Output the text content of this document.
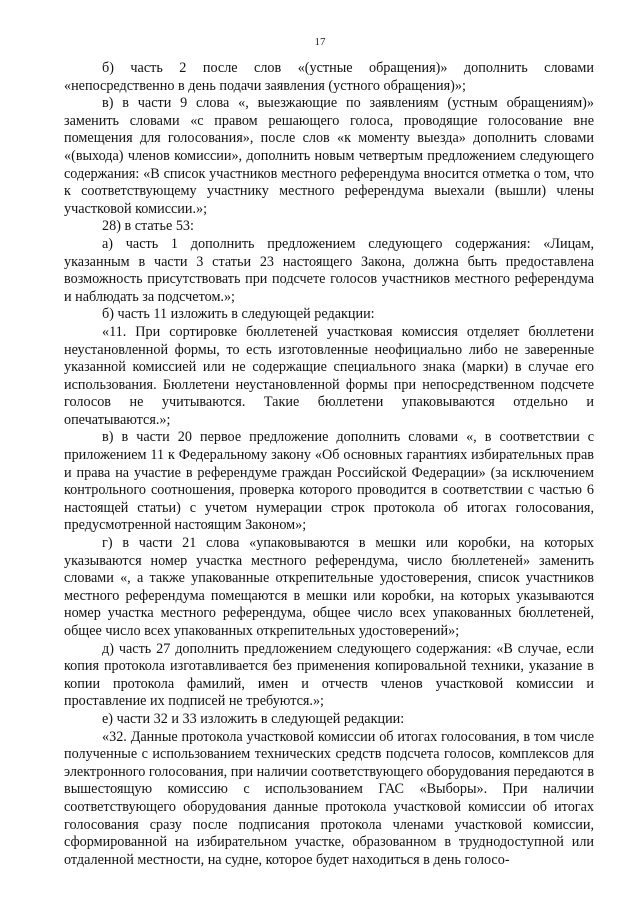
17

б) часть 2 после слов «(устные обращения)» дополнить словами «непосредственно в день подачи заявления (устного обращения)»;

в) в части 9 слова «, выезжающие по заявлениям (устным обращениям)» заменить словами «с правом решающего голоса, проводящие голосование вне помещения для голосования», после слов «к моменту выезда» дополнить словами «(выхода) членов комиссии», дополнить новым четвертым предложением следующего содержания: «В список участников местного референдума вносится отметка о том, что к соответствующему участнику местного референдума выехали (вышли) члены участковой комиссии.»;

28) в статье 53:

а) часть 1 дополнить предложением следующего содержания: «Лицам, указанным в части 3 статьи 23 настоящего Закона, должна быть предоставлена возможность присутствовать при подсчете голосов участников местного референдума и наблюдать за подсчетом.»;

б) часть 11 изложить в следующей редакции:

«11. При сортировке бюллетеней участковая комиссия отделяет бюллетени неустановленной формы, то есть изготовленные неофициально либо не заверенные указанной комиссией или не содержащие специального знака (марки) в случае его использования. Бюллетени неустановленной формы при непосредственном подсчете голосов не учитываются. Такие бюллетени упаковываются отдельно и опечатываются.»;

в) в части 20 первое предложение дополнить словами «, в соответствии с приложением 11 к Федеральному закону «Об основных гарантиях избирательных прав и права на участие в референдуме граждан Российской Федерации» (за исключением контрольного соотношения, проверка которого проводится в соответствии с частью 6 настоящей статьи) с учетом нумерации строк протокола об итогах голосования, предусмотренной настоящим Законом»;

г) в части 21 слова «упаковываются в мешки или коробки, на которых указываются номер участка местного референдума, число бюллетеней» заменить словами «, а также упакованные открепительные удостоверения, список участников местного референдума помещаются в мешки или коробки, на которых указываются номер участка местного референдума, общее число всех упакованных бюллетеней, общее число всех упакованных открепительных удостоверений»;

д) часть 27 дополнить предложением следующего содержания: «В случае, если копия протокола изготавливается без применения копировальной техники, указание в копии протокола фамилий, имен и отчеств членов участковой комиссии и проставление их подписей не требуются.»;

е) части 32 и 33 изложить в следующей редакции:

«32. Данные протокола участковой комиссии об итогах голосования, в том числе полученные с использованием технических средств подсчета голосов, комплексов для электронного голосования, при наличии соответствующего оборудования передаются в вышестоящую комиссию с использованием ГАС «Выборы». При наличии соответствующего оборудования данные протокола участковой комиссии об итогах голосования сразу после подписания протокола членами участковой комиссии, сформированной на избирательном участке, образованном в труднодоступной или отдаленной местности, на судне, которое будет находиться в день голосо-
